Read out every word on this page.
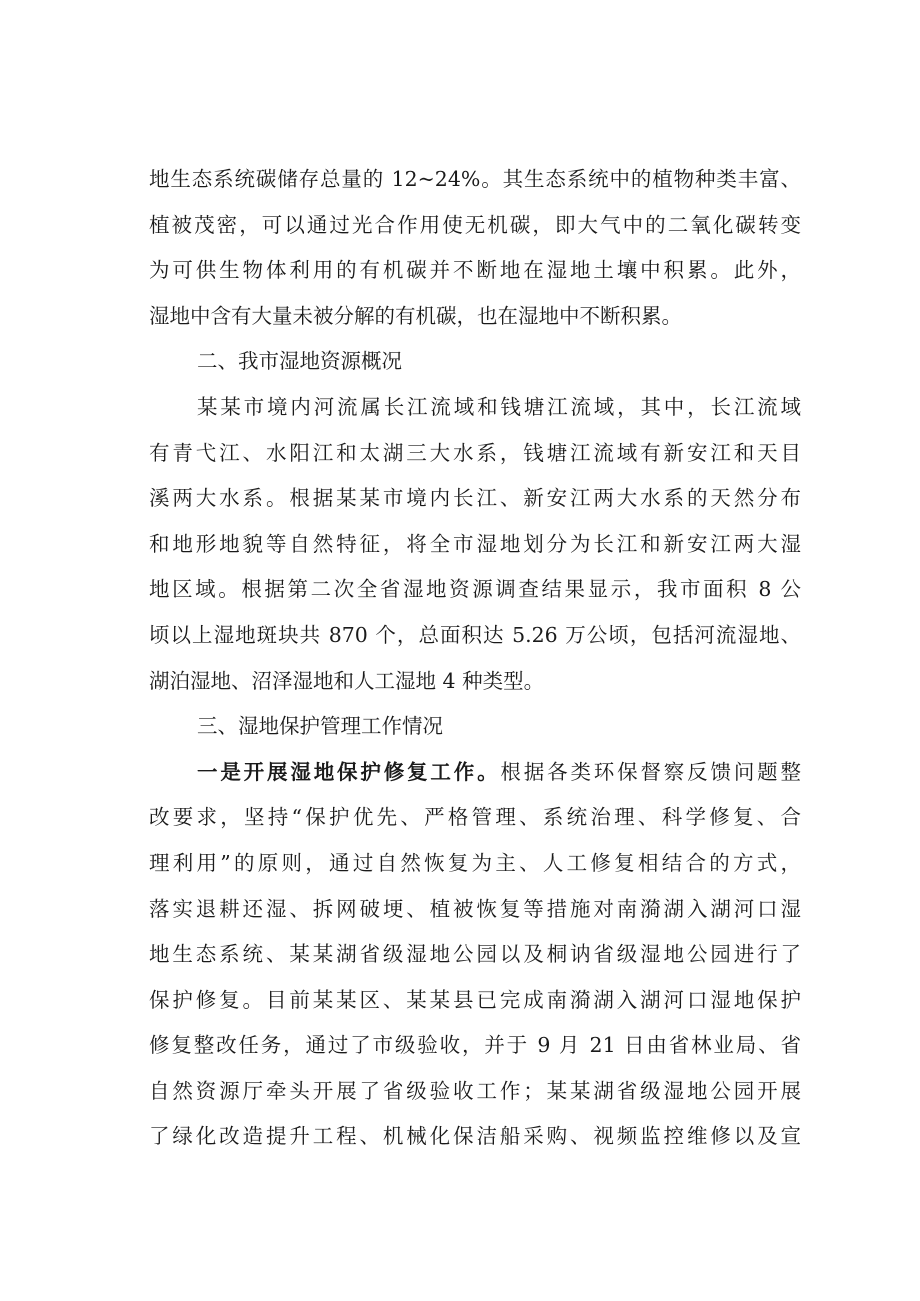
地生态系统碳储存总量的 12~24%。其生态系统中的植物种类丰富、
植被茂密，可以通过光合作用使无机碳，即大气中的二氧化碳转变
为可供生物体利用的有机碳并不断地在湿地土壤中积累。此外，
湿地中含有大量未被分解的有机碳，也在湿地中不断积累。
二、我市湿地资源概况
某某市境内河流属长江流域和钱塘江流域，其中，长江流域
有青弋江、水阳江和太湖三大水系，钱塘江流域有新安江和天目
溪两大水系。根据某某市境内长江、新安江两大水系的天然分布
和地形地貌等自然特征，将全市湿地划分为长江和新安江两大湿
地区域。根据第二次全省湿地资源调查结果显示，我市面积 8 公
顷以上湿地斑块共 870 个，总面积达 5.26 万公顷，包括河流湿地、
湖泊湿地、沼泽湿地和人工湿地 4 种类型。
三、湿地保护管理工作情况
一是开展湿地保护修复工作。根据各类环保督察反馈问题整
改要求，坚持“保护优先、严格管理、系统治理、科学修复、合
理利用”的原则，通过自然恢复为主、人工修复相结合的方式，
落实退耕还湿、拆网破埂、植被恢复等措施对南漪湖入湖河口湿
地生态系统、某某湖省级湿地公园以及桐讷省级湿地公园进行了
保护修复。目前某某区、某某县已完成南漪湖入湖河口湿地保护
修复整改任务，通过了市级验收，并于 9 月 21 日由省林业局、省
自然资源厅牵头开展了省级验收工作；某某湖省级湿地公园开展
了绿化改造提升工程、机械化保洁船采购、视频监控维修以及宣
